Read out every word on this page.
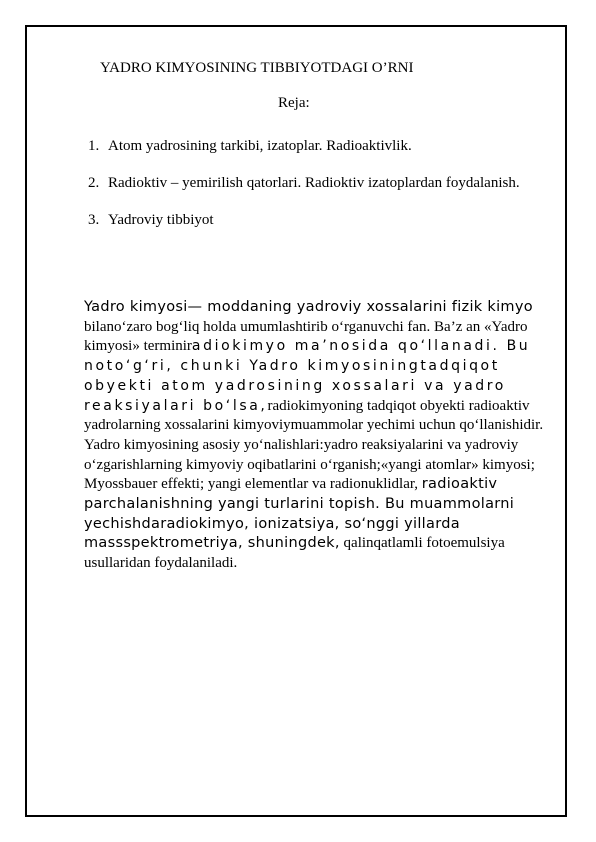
YADRO KIMYOSINING TIBBIYOTDAGI O’RNI
Reja:
1. Atom yadrosining tarkibi, izatoplar. Radioaktivlik.
2. Radioktiv – yemirilish qatorlari. Radioktiv izatoplardan foydalanish.
3. Yadroviy tibbiyot

Yadro kimyosi— moddaning yadroviy xossalarini fizik kimyo bilano‘zaro bog‘liq holda umumlashtirib o‘rganuvchi fan. Ba’z an «Yadro kimyosi» terminiradiokimyo ma’nosida qo‘llanadi. Bu noto‘g‘ri, chunki Yadro kimyosiningtadqiqot obyekti atom yadrosining xossalari va yadro reaksiyalari bo‘lsa,radiokimyoning tadqiqot obyekti radioaktiv yadrolarning xossalarini kimyoviymuammolar yechimi uchun qo‘llanishidir. Yadro kimyosining asosiy yo‘nalishlari:yadro reaksiyalarini va yadroviy o‘zgarishlarning kimyoviy oqibatlarini o‘rganish;«yangi atomlar» kimyosi; Myossbauer effekti; yangi elementlar va radionuklidlar, radioaktiv parchalanishning yangi turlarini topish. Bu muammolarni yechishdaradiokimyo, ionizatsiya, so‘nggi yillarda massspektrometriya, shuningdek, qalinqatlamli fotoemulsiya usullaridan foydalaniladi.
